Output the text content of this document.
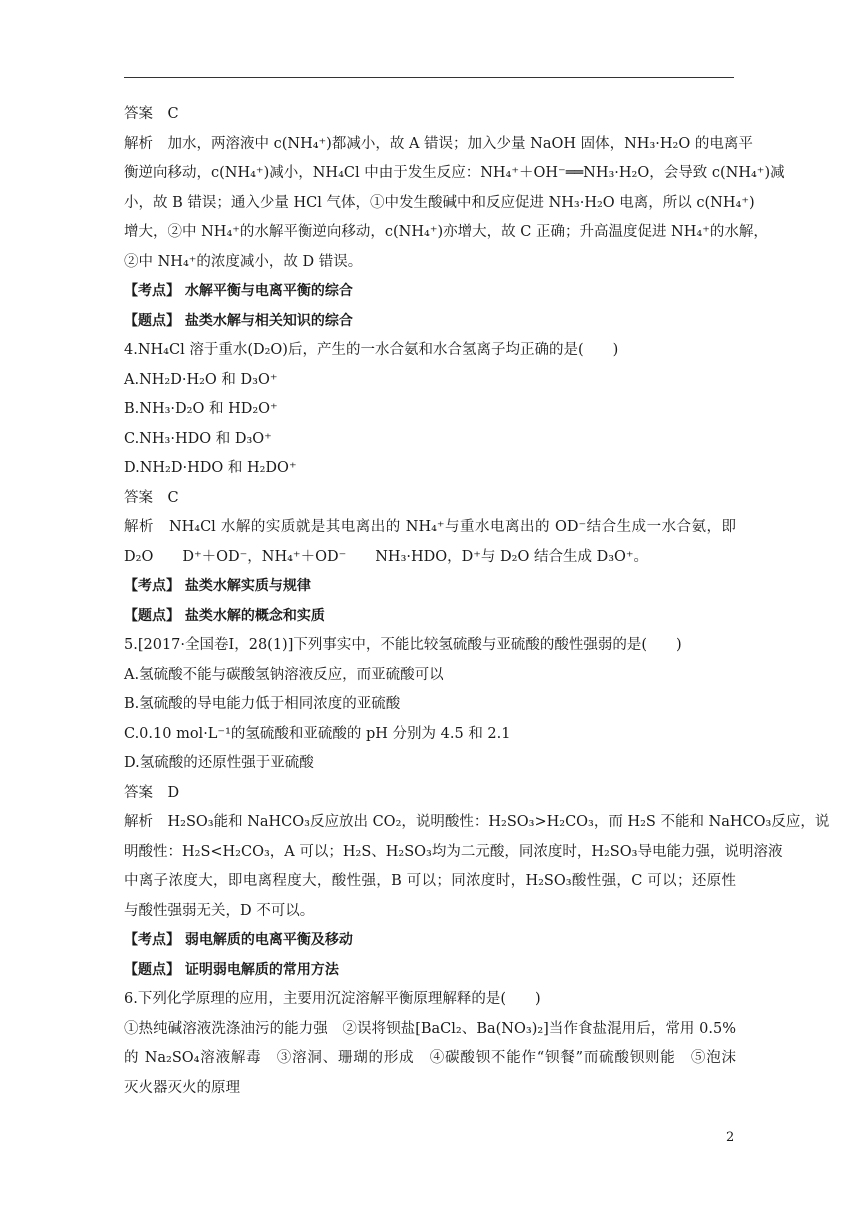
答案　C
解析　加水，两溶液中 c(NH₄⁺)都减小，故 A 错误；加入少量 NaOH 固体，NH₃·H₂O 的电离平
衡逆向移动，c(NH₄⁺)减小，NH₄Cl 中由于发生反应：NH₄⁺＋OH⁻══NH₃·H₂O，会导致 c(NH₄⁺)减
小，故 B 错误；通入少量 HCl 气体，①中发生酸碱中和反应促进 NH₃·H₂O 电离，所以 c(NH₄⁺)
增大，②中 NH₄⁺的水解平衡逆向移动，c(NH₄⁺)亦增大，故 C 正确；升高温度促进 NH₄⁺的水解，
②中 NH₄⁺的浓度减小，故 D 错误。
【考点】 水解平衡与电离平衡的综合
【题点】 盐类水解与相关知识的综合
4.NH₄Cl 溶于重水(D₂O)后，产生的一水合氨和水合氢离子均正确的是(　　)
A.NH₂D·H₂O 和 D₃O⁺
B.NH₃·D₂O 和 HD₂O⁺
C.NH₃·HDO 和 D₃O⁺
D.NH₂D·HDO 和 H₂DO⁺
答案　C
解析　NH₄Cl 水解的实质就是其电离出的 NH₄⁺与重水电离出的 OD⁻结合生成一水合氨，即
D₂O　　D⁺＋OD⁻，NH₄⁺＋OD⁻　　NH₃·HDO，D⁺与 D₂O 结合生成 D₃O⁺。
【考点】 盐类水解实质与规律
【题点】 盐类水解的概念和实质
5.[2017·全国卷Ⅰ，28(1)]下列事实中，不能比较氢硫酸与亚硫酸的酸性强弱的是(　　)
A.氢硫酸不能与碳酸氢钠溶液反应，而亚硫酸可以
B.氢硫酸的导电能力低于相同浓度的亚硫酸
C.0.10 mol·L⁻¹的氢硫酸和亚硫酸的 pH 分别为 4.5 和 2.1
D.氢硫酸的还原性强于亚硫酸
答案　D
解析　H₂SO₃能和 NaHCO₃反应放出 CO₂，说明酸性：H₂SO₃>H₂CO₃，而 H₂S 不能和 NaHCO₃反应，说
明酸性：H₂S<H₂CO₃，A 可以；H₂S、H₂SO₃均为二元酸，同浓度时，H₂SO₃导电能力强，说明溶液
中离子浓度大，即电离程度大，酸性强，B 可以；同浓度时，H₂SO₃酸性强，C 可以；还原性
与酸性强弱无关，D 不可以。
【考点】 弱电解质的电离平衡及移动
【题点】 证明弱电解质的常用方法
6.下列化学原理的应用，主要用沉淀溶解平衡原理解释的是(　　)
①热纯碱溶液洗涤油污的能力强　②误将钡盐[BaCl₂、Ba(NO₃)₂]当作食盐混用后，常用 0.5%
的 Na₂SO₄溶液解毒　③溶洞、珊瑚的形成　④碳酸钡不能作“钡餐”而硫酸钡则能　⑤泡沫
灭火器灭火的原理
2
